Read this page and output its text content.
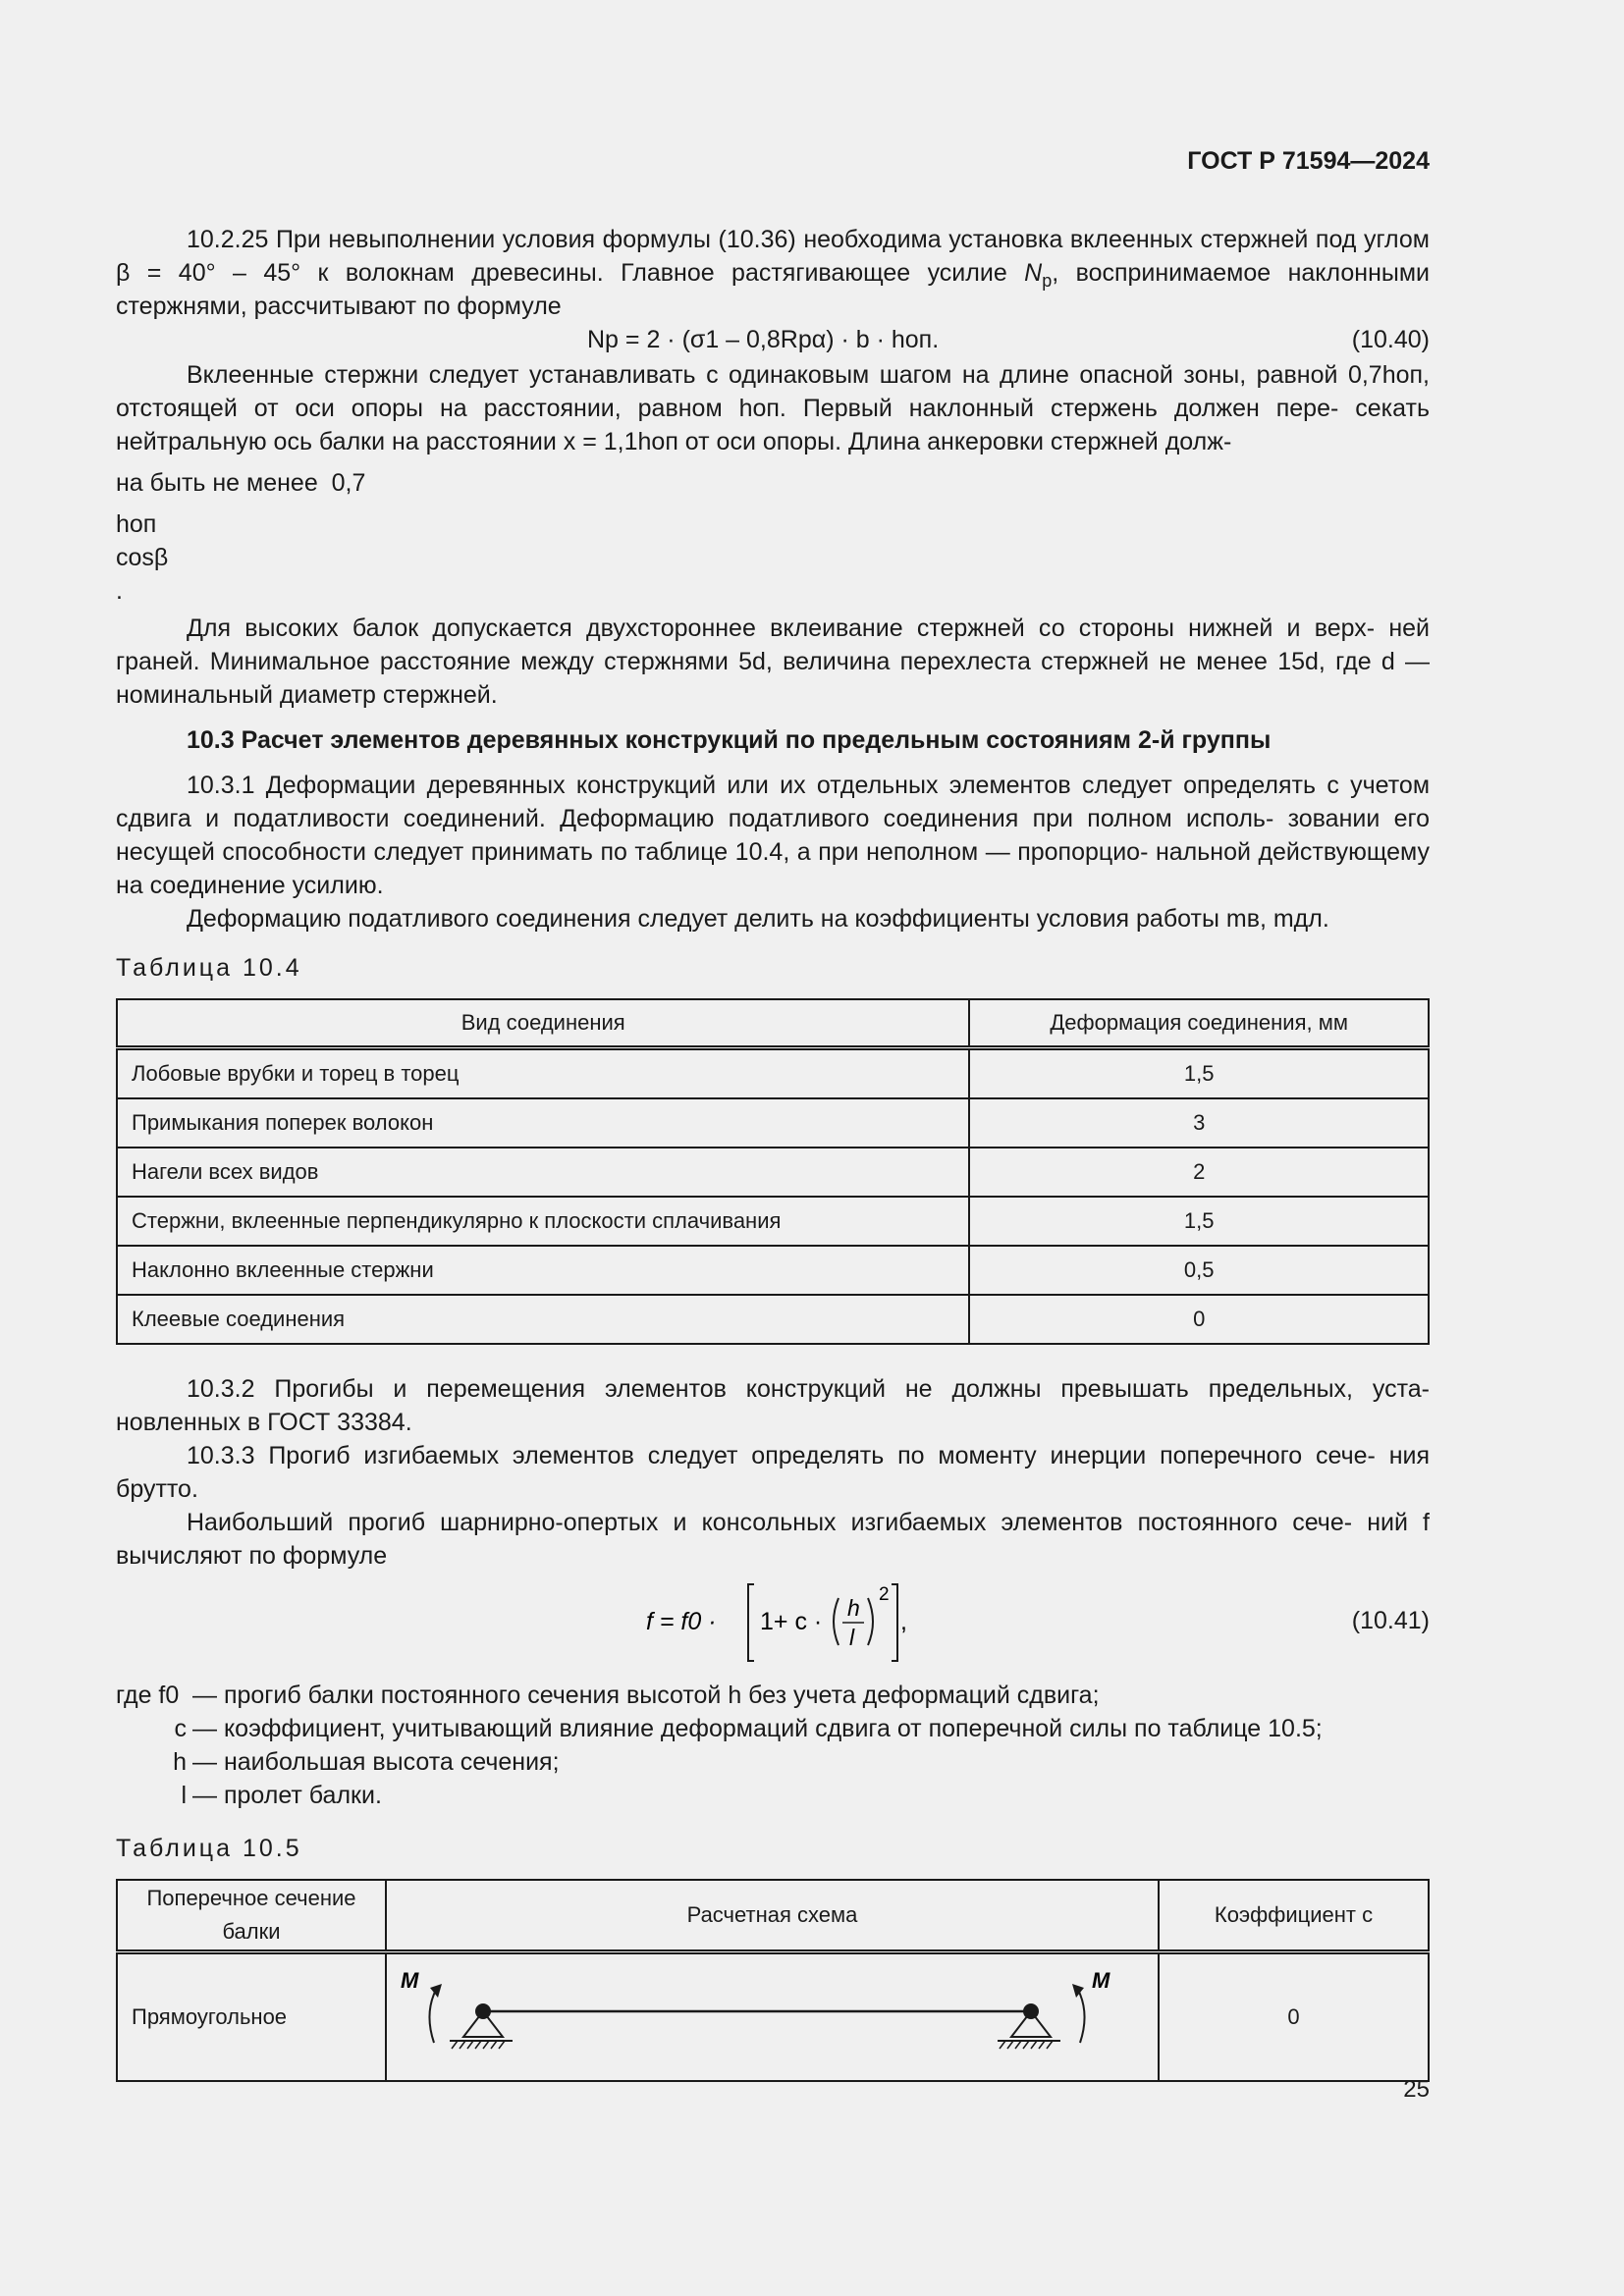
ГОСТ Р 71594—2024

10.2.25 При невыполнении условия формулы (10.36) необходима установка вклеенных стержней под углом β = 40° – 45° к волокнам древесины. Главное растягивающее усилие $N_р$, воспринимаемое наклонными стержнями, рассчитывают по формуле

Nр = 2 · (σ1 – 0,8Rрα) · b · hоп.	(10.40)

Вклеенные стержни следует устанавливать с одинаковым шагом на длине опасной зоны, равной 0,7hоп, отстоящей от оси опоры на расстоянии, равном hоп. Первый наклонный стержень должен пере- секать нейтральную ось балки на расстоянии x = 1,1hоп от оси опоры. Длина анкеровки стержней долж-

на быть не менее 0,7

hоп
cosβ
.

Для высоких балок допускается двухстороннее вклеивание стержней со стороны нижней и верх- ней граней. Минимальное расстояние между стержнями 5d, величина перехлеста стержней не менее 15d, где d — номинальный диаметр стержней.

10.3 Расчет элементов деревянных конструкций по предельным состояниям 2-й группы

10.3.1 Деформации деревянных конструкций или их отдельных элементов следует определять с учетом сдвига и податливости соединений. Деформацию податливого соединения при полном исполь- зовании его несущей способности следует принимать по таблице 10.4, а при неполном — пропорцио- нальной действующему на соединение усилию.

Деформацию податливого соединения следует делить на коэффициенты условия работы mв, mдл.

Таблица 10.4

Вид соединения	Деформация соединения, мм
Лобовые врубки и торец в торец	1,5
Примыкания поперек волокон	3
Нагели всех видов	2
Стержни, вклеенные перпендикулярно к плоскости сплачивания	1,5
Наклонно вклеенные стержни	0,5
Клеевые соединения	0

10.3.2 Прогибы и перемещения элементов конструкций не должны превышать предельных, уста- новленных в ГОСТ 33384.

10.3.3 Прогиб изгибаемых элементов следует определять по моменту инерции поперечного сече- ния брутто.

Наибольший прогиб шарнирно-опертых и консольных изгибаемых элементов постоянного сече- ний f вычисляют по формуле

f = f0 · 1+ c · h
l
2
,	(10.41)
где f0 — прогиб балки постоянного сечения высотой h без учета деформаций сдвига;
c — коэффициент, учитывающий влияние деформаций сдвига от поперечной силы по таблице 10.5;
h — наибольшая высота сечения;
l — пролет балки.

Таблица 10.5

Поперечное сечение балки	Расчетная схема	Коэффициент c
Прямоугольное	M M	0
25
